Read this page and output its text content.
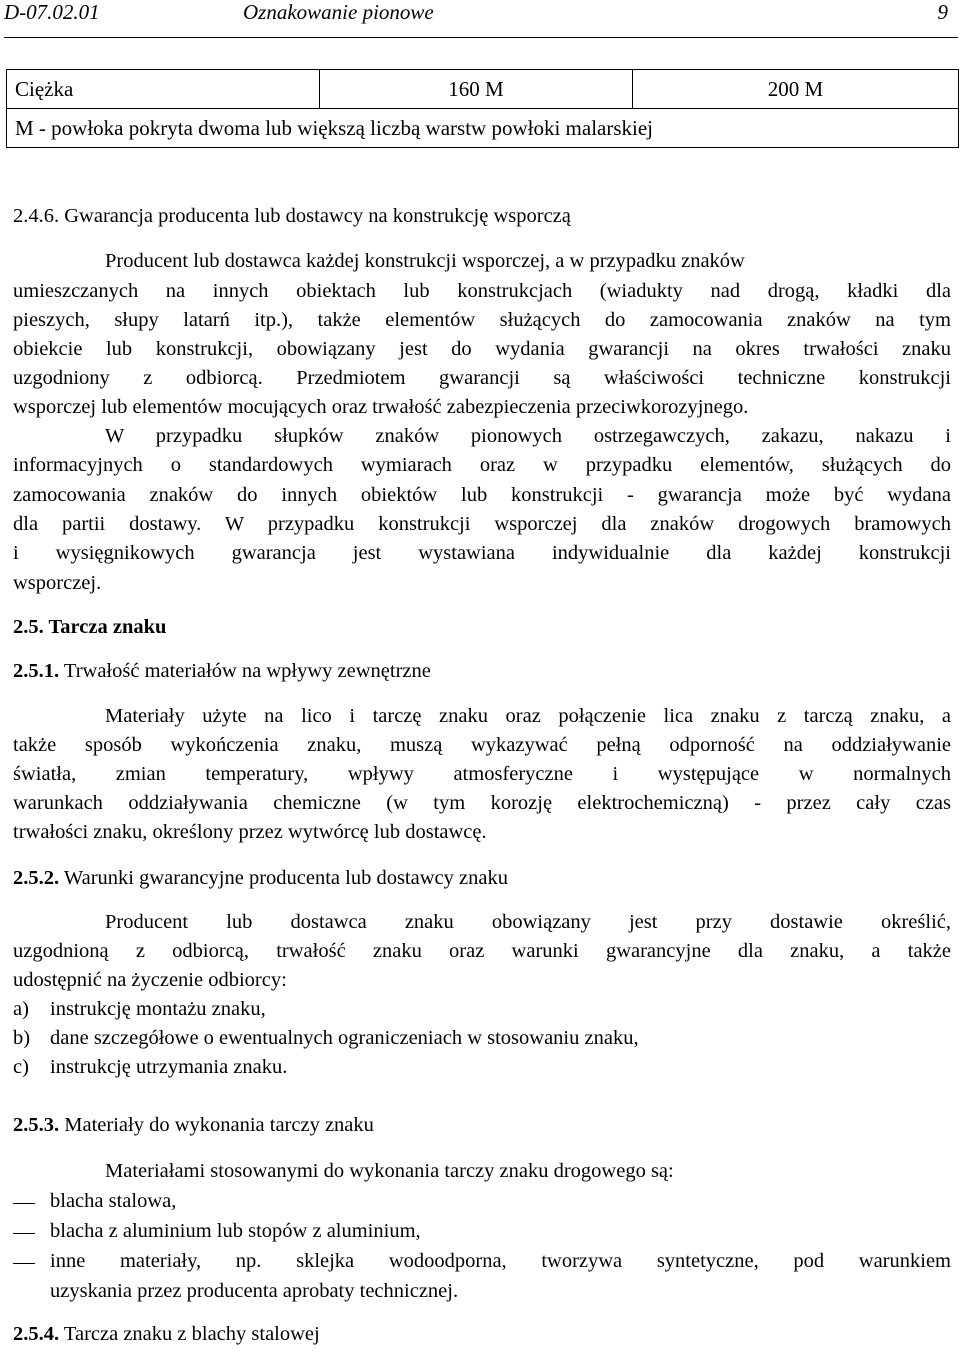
D-07.02.01	Oznakowanie pionowe	9
Ciężka	160 M	200 M
M - powłoka pokryta dwoma lub większą liczbą warstw powłoki malarskiej
2.4.6. Gwarancja producenta lub dostawcy na konstrukcję wsporczą
Producent lub dostawca każdej konstrukcji wsporczej, a w przypadku znaków
umieszczanych na innych obiektach lub konstrukcjach (wiadukty nad drogą, kładki dla
pieszych, słupy latarń itp.), także elementów służących do zamocowania znaków na tym
obiekcie lub konstrukcji, obowiązany jest do wydania gwarancji na okres trwałości znaku
uzgodniony z odbiorcą. Przedmiotem gwarancji są właściwości techniczne konstrukcji
wsporczej lub elementów mocujących oraz trwałość zabezpieczenia przeciwkorozyjnego.
W przypadku słupków znaków pionowych ostrzegawczych, zakazu, nakazu i
informacyjnych o standardowych wymiarach oraz w przypadku elementów, służących do
zamocowania znaków do innych obiektów lub konstrukcji - gwarancja może być wydana
dla partii dostawy. W przypadku konstrukcji wsporczej dla znaków drogowych bramowych
i wysięgnikowych gwarancja jest wystawiana indywidualnie dla każdej konstrukcji
wsporczej.
2.5. Tarcza znaku
2.5.1. Trwałość materiałów na wpływy zewnętrzne
Materiały użyte na lico i tarczę znaku oraz połączenie lica znaku z tarczą znaku, a
także sposób wykończenia znaku, muszą wykazywać pełną odporność na oddziaływanie
światła, zmian temperatury, wpływy atmosferyczne i występujące w normalnych
warunkach oddziaływania chemiczne (w tym korozję elektrochemiczną) - przez cały czas
trwałości znaku, określony przez wytwórcę lub dostawcę.
2.5.2. Warunki gwarancyjne producenta lub dostawcy znaku
Producent lub dostawca znaku obowiązany jest przy dostawie określić,
uzgodnioną z odbiorcą, trwałość znaku oraz warunki gwarancyjne dla znaku, a także
udostępnić na życzenie odbiorcy:
a) instrukcję montażu znaku,
b) dane szczegółowe o ewentualnych ograniczeniach w stosowaniu znaku,
c) instrukcję utrzymania znaku.
2.5.3. Materiały do wykonania tarczy znaku
Materiałami stosowanymi do wykonania tarczy znaku drogowego są:
blacha stalowa,
blacha z aluminium lub stopów z aluminium,
inne materiały, np. sklejka wodoodporna, tworzywa syntetyczne, pod warunkiem
uzyskania przez producenta aprobaty technicznej.
2.5.4. Tarcza znaku z blachy stalowej
